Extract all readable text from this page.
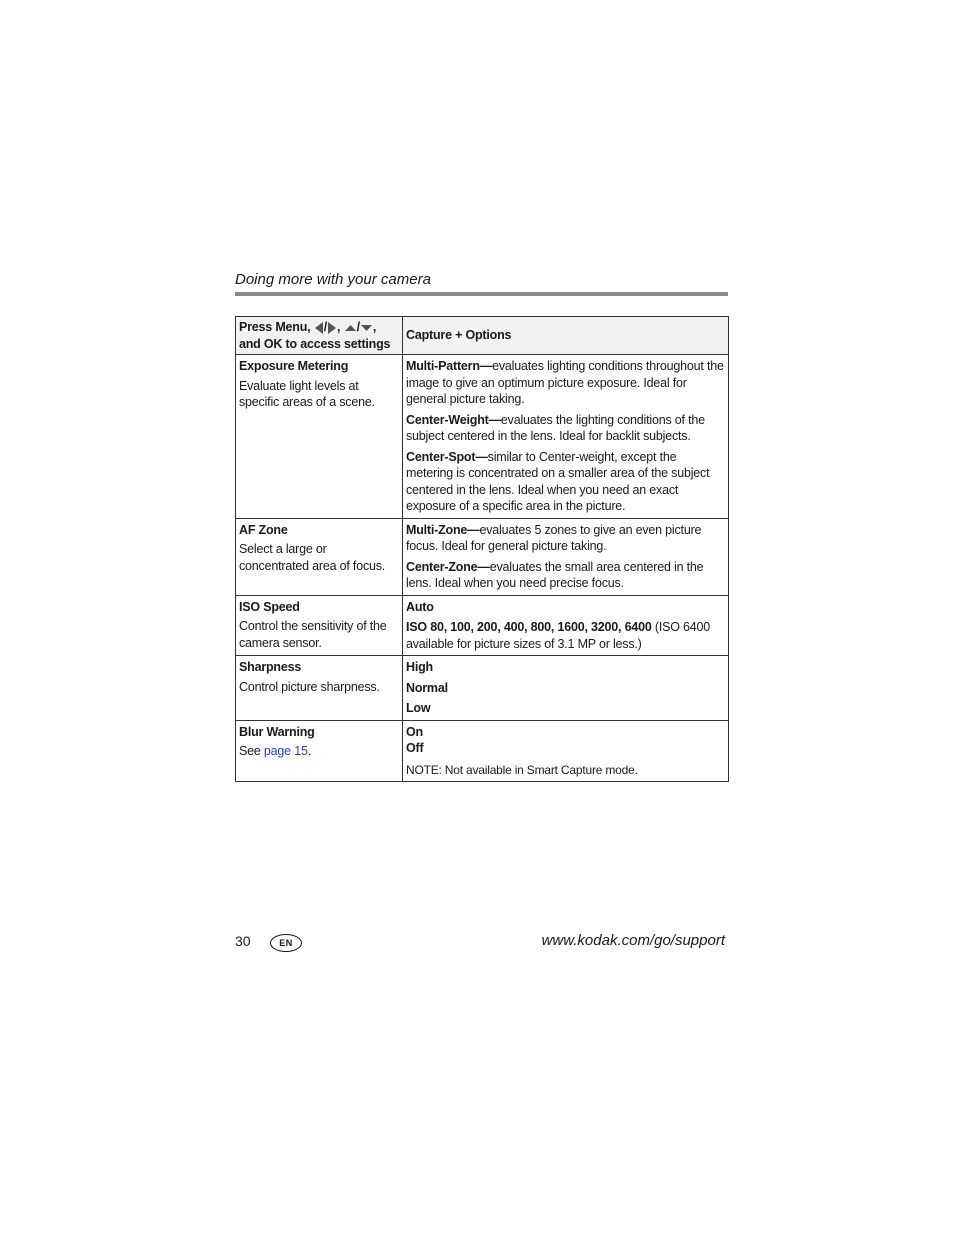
Doing more with your camera
Press Menu, / , / ,
and OK to access settings	Capture + Options
Exposure Metering
Evaluate light levels at specific areas of a scene.	Multi-Pattern—evaluates lighting conditions throughout the image to give an optimum picture exposure. Ideal for general picture taking.
Center-Weight—evaluates the lighting conditions of the subject centered in the lens. Ideal for backlit subjects.
Center-Spot—similar to Center-weight, except the metering is concentrated on a smaller area of the subject centered in the lens. Ideal when you need an exact exposure of a specific area in the picture.

AF Zone
Select a large or concentrated area of focus.	Multi-Zone—evaluates 5 zones to give an even picture focus. Ideal for general picture taking.
Center-Zone—evaluates the small area centered in the lens. Ideal when you need precise focus.

ISO Speed
Control the sensitivity of the camera sensor.	Auto
ISO 80, 100, 200, 400, 800, 1600, 3200, 6400 (ISO 6400 available for picture sizes of 3.1 MP or less.)

Sharpness
Control picture sharpness.	High
Normal
Low

Blur Warning
See page 15.	On
Off
NOTE: Not available in Smart Capture mode.
30	EN	www.kodak.com/go/support
